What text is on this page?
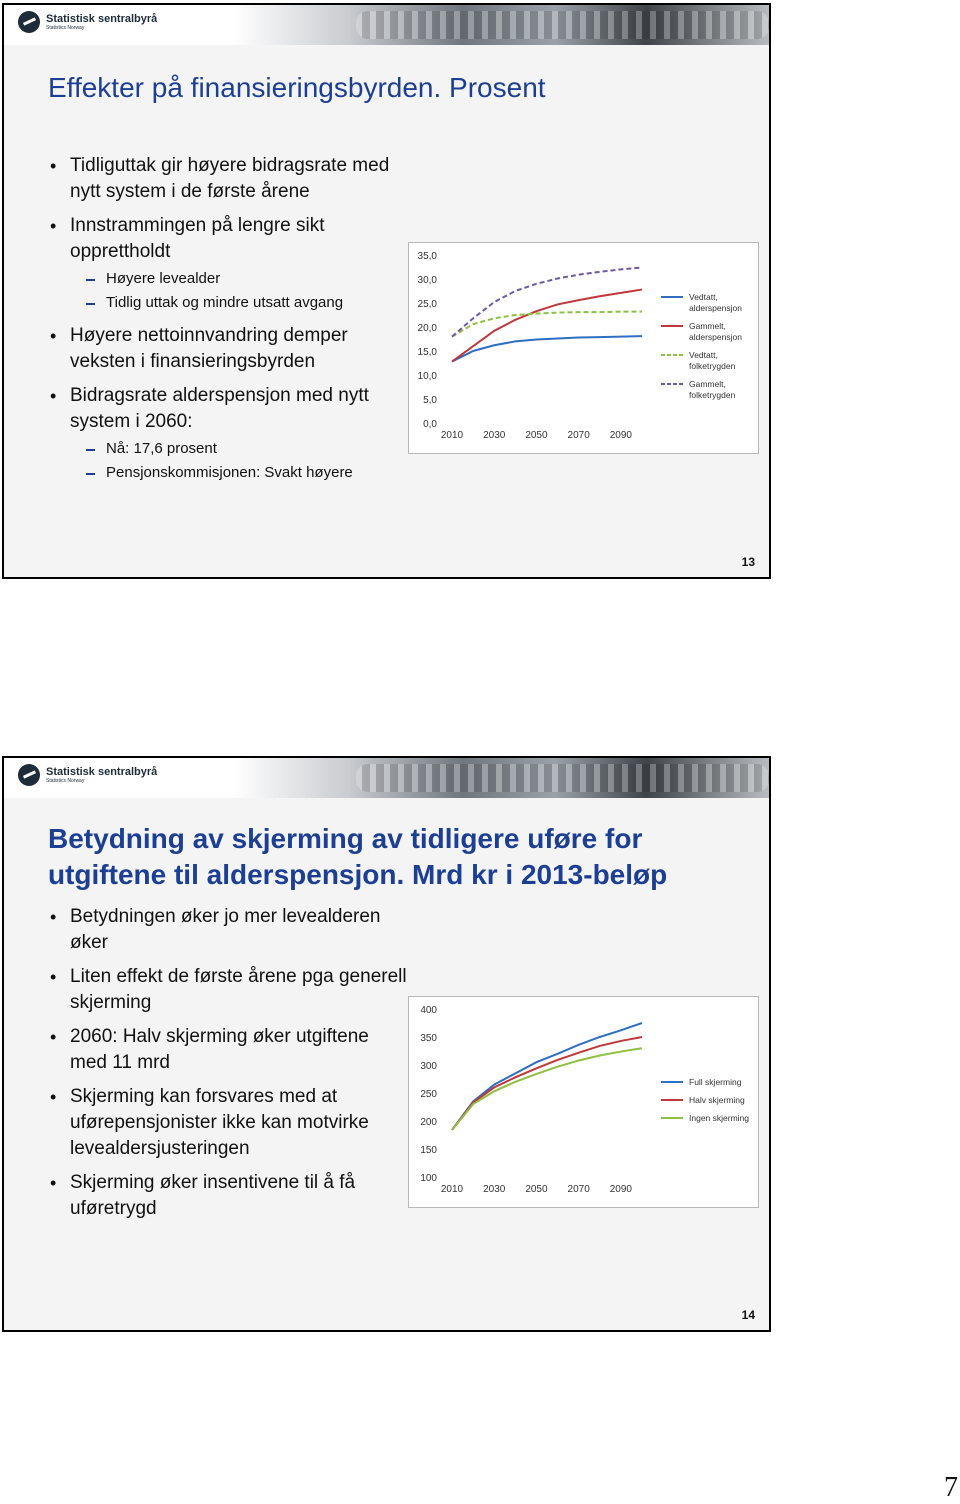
Statistisk sentralbyrå
Statistics Norway
Effekter på finansieringsbyrden. Prosent
• Tidliguttak gir høyere bidragsrate med nytt system i de første årene
• Innstrammingen på lengre sikt opprettholdt
Høyere levealder
Tidlig uttak og mindre utsatt avgang
• Høyere nettoinnvandring demper veksten i finansieringsbyrden
• Bidragsrate alderspensjon med nytt system i 2060:
Nå: 17,6 prosent
Pensjonskommisjonen: Svakt høyere
0,0
5,0
10,0
15,0
20,0
25,0
30,0
35,0
2010 2030 2050 2070 2090
Vedtatt, alderspensjon
Gammelt, alderspensjon
Vedtatt, folketrygden
Gammelt, folketrygden
13
Statistisk sentralbyrå
Statistics Norway
Betydning av skjerming av tidligere uføre for
utgiftene til alderspensjon. Mrd kr i 2013-beløp
• Betydningen øker jo mer levealderen øker
• Liten effekt de første årene pga generell skjerming
• 2060: Halv skjerming øker utgiftene med 11 mrd
• Skjerming kan forsvares med at uførepensjonister ikke kan motvirke levealdersjusteringen
• Skjerming øker insentivene til å få uføretrygd
100
150
200
250
300
350
400
2010 2030 2050 2070 2090
Full skjerming
Halv skjerming
Ingen skjerming
14
7
